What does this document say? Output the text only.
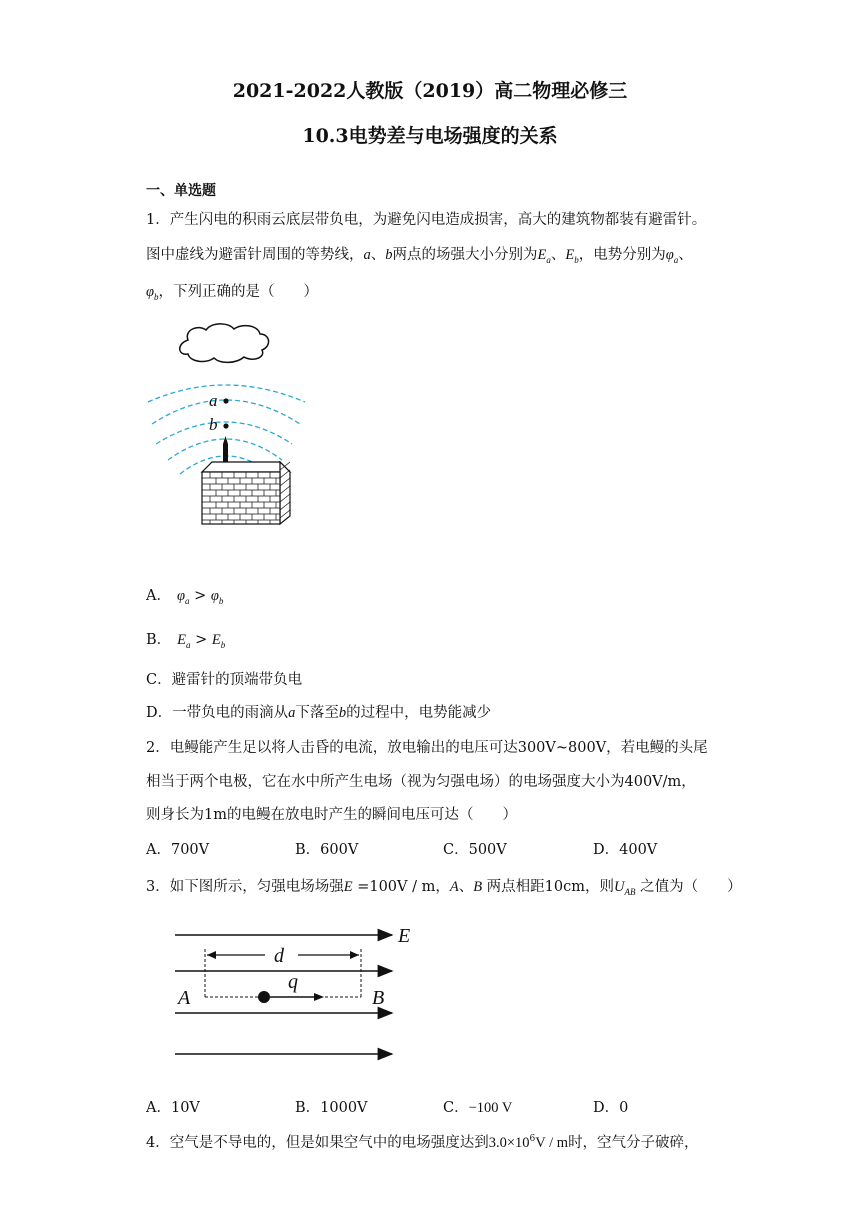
2021-2022人教版（2019）高二物理必修三
10.3电势差与电场强度的关系
一、单选题
1．产生闪电的积雨云底层带负电，为避免闪电造成损害，高大的建筑物都装有避雷针。
图中虚线为避雷针周围的等势线，a、b两点的场强大小分别为$E_a$、$E_b$，电势分别为$\varphi_a$、
$\varphi_b$，下列正确的是（　　）
a
b
A． $\varphi_a > \varphi_b$
B． $E_a > E_b$
C．避雷针的顶端带负电
D．一带负电的雨滴从a下落至b的过程中，电势能减少
2．电鳗能产生足以将人击昏的电流，放电输出的电压可达300V~800V，若电鳗的头尾
相当于两个电极，它在水中所产生电场（视为匀强电场）的电场强度大小为400V/m，
则身长为1m的电鳗在放电时产生的瞬间电压可达（　　）
A．700V	B．600V	C．500V	D．400V
3．如下图所示，匀强电场场强E =100V / m，A、B 两点相距10cm，则$U_{AB}$ 之值为（　　）
E
d
q
A	B
A．10V	B．1000V	C．−100 V	D．0
4．空气是不导电的，但是如果空气中的电场强度达到$3.0\times 10^6V / m$时，空气分子破碎，
